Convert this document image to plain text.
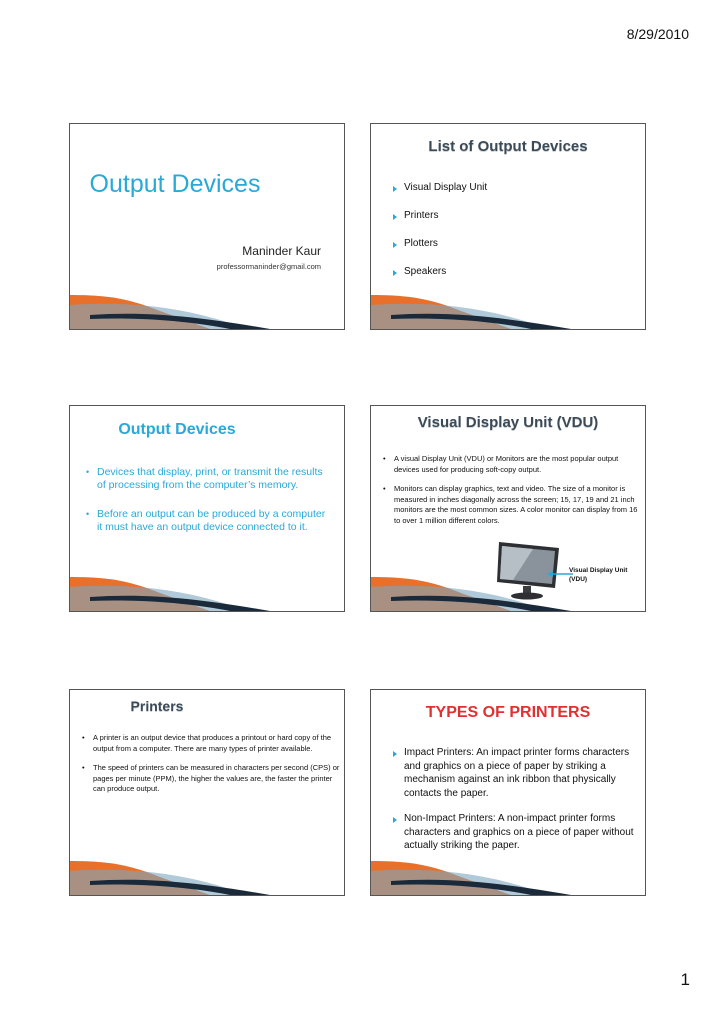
8/29/2010
Output Devices
Maninder Kaur
professormaninder@gmail.com
List of Output Devices
Visual Display Unit
Printers
Plotters
Speakers
Output Devices
• Devices that display, print, or transmit the results of processing from the computer’s memory.
• Before an output can be produced by a computer it must have an output device connected to it.
Visual Display Unit (VDU)
• A visual Display Unit (VDU) or Monitors are the most popular output devices used for producing soft-copy output.
• Monitors can display graphics, text and video. The size of a monitor is measured in inches diagonally across the screen; 15, 17, 19 and 21 inch monitors are the most common sizes. A color monitor can display from 16 to over 1 million different colors.
Visual Display Unit (VDU)
Printers
• A printer is an output device that produces a printout or hard copy of the output from a computer. There are many types of printer available.
• The speed of printers can be measured in characters per second (CPS) or pages per minute (PPM), the higher the values are, the faster the printer can produce output.
TYPES OF PRINTERS
Impact Printers: An impact printer forms characters and graphics on a piece of paper by striking a mechanism against an ink ribbon that physically contacts the paper.
Non-Impact Printers: A non-impact printer forms characters and graphics on a piece of paper without actually striking the paper.
1
